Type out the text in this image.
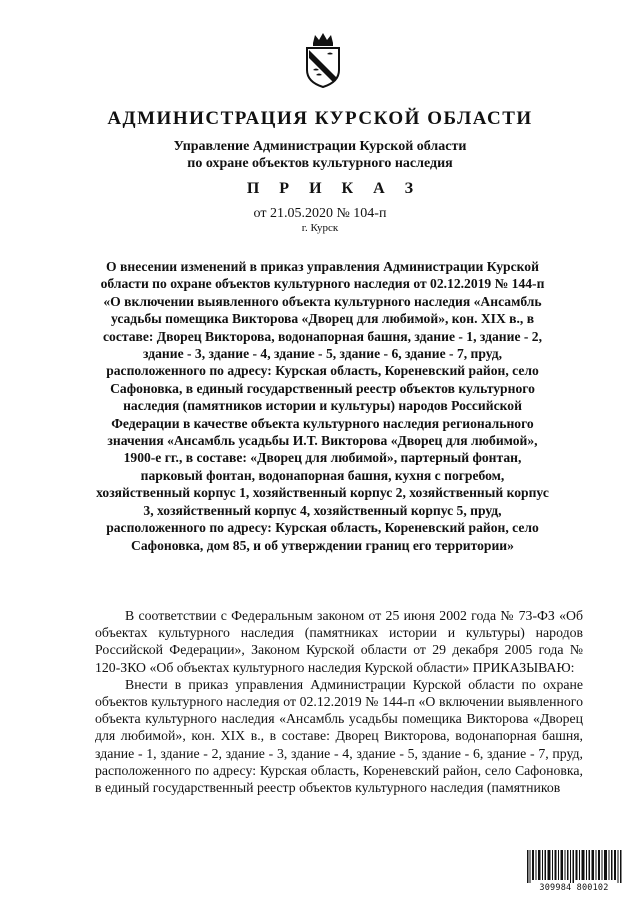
АДМИНИСТРАЦИЯ КУРСКОЙ ОБЛАСТИ
Управление Администрации Курской области
по охране объектов культурного наследия
П Р И К А З
от 21.05.2020 № 104-п
г. Курск
О внесении изменений в приказ управления Администрации Курской области по охране объектов культурного наследия от 02.12.2019 № 144-п «О включении выявленного объекта культурного наследия «Ансамбль усадьбы помещика Викторова «Дворец для любимой», кон. XIX в., в составе: Дворец Викторова, водонапорная башня, здание - 1, здание - 2, здание - 3, здание - 4, здание - 5, здание - 6, здание - 7, пруд, расположенного по адресу: Курская область, Кореневский район, село Сафоновка, в единый государственный реестр объектов культурного наследия (памятников истории и культуры) народов Российской Федерации в качестве объекта культурного наследия регионального значения «Ансамбль усадьбы И.Т. Викторова «Дворец для любимой», 1900-е гг., в составе: «Дворец для любимой», партерный фонтан, парковый фонтан, водонапорная башня, кухня с погребом, хозяйственный корпус 1, хозяйственный корпус 2, хозяйственный корпус 3, хозяйственный корпус 4, хозяйственный корпус 5, пруд, расположенного по адресу: Курская область, Кореневский район, село Сафоновка, дом 85, и об утверждении границ его территории»

В соответствии с Федеральным законом от 25 июня 2002 года № 73-ФЗ «Об объектах культурного наследия (памятниках истории и культуры) народов Российской Федерации», Законом Курской области от 29 декабря 2005 года № 120-ЗКО «Об объектах культурного наследия Курской области» ПРИКАЗЫВАЮ:

Внести в приказ управления Администрации Курской области по охране объектов культурного наследия от 02.12.2019 № 144-п «О включении выявленного объекта культурного наследия «Ансамбль усадьбы помещика Викторова «Дворец для любимой», кон. XIX в., в составе: Дворец Викторова, водонапорная башня, здание - 1, здание - 2, здание - 3, здание - 4, здание - 5, здание - 6, здание - 7, пруд, расположенного по адресу: Курская область, Кореневский район, село Сафоновка, в единый государственный реестр объектов культурного наследия (памятников

309984 800102
